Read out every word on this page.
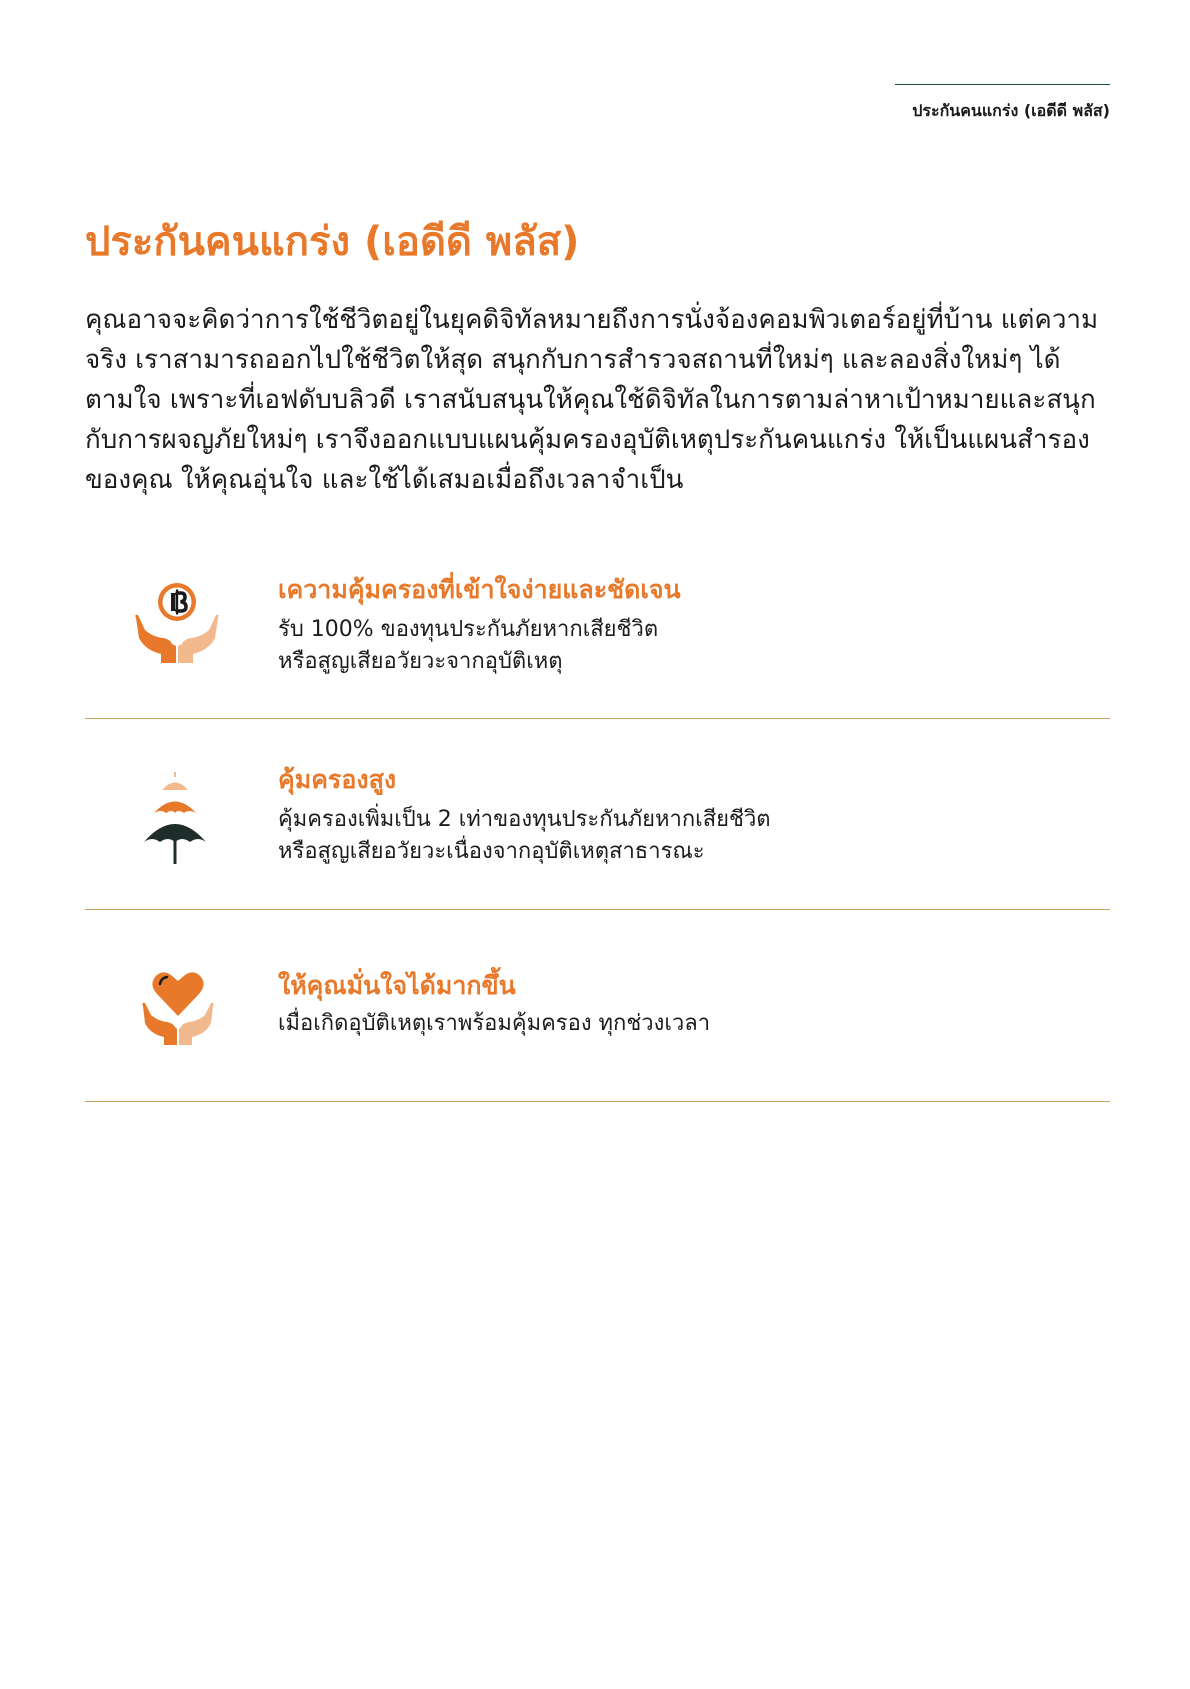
ประกันคนแกร่ง (เอดีดี พลัส)
ประกันคนแกร่ง (เอดีดี พลัส)

คุณอาจจะคิดว่าการใช้ชีวิตอยู่ในยุคดิจิทัลหมายถึงการนั่งจ้องคอมพิวเตอร์อยู่ที่บ้าน แต่ความจริง เราสามารถออกไปใช้ชีวิตให้สุด สนุกกับการสำรวจสถานที่ใหม่ๆ และลองสิ่งใหม่ๆ ได้ตามใจ เพราะที่เอฟดับบลิวดี เราสนับสนุนให้คุณใช้ดิจิทัลในการตามล่าหาเป้าหมายและสนุกกับการผจญภัยใหม่ๆ เราจึงออกแบบแผนคุ้มครองอุบัติเหตุประกันคนแกร่ง ให้เป็นแผนสำรองของคุณ ให้คุณอุ่นใจ และใช้ได้เสมอเมื่อถึงเวลาจำเป็น

เความคุ้มครองที่เข้าใจง่ายและชัดเจน

รับ 100% ของทุนประกันภัยหากเสียชีวิต

หรือสูญเสียอวัยวะจากอุบัติเหตุ

คุ้มครองสูง

คุ้มครองเพิ่มเป็น 2 เท่าของทุนประกันภัยหากเสียชีวิต

หรือสูญเสียอวัยวะเนื่องจากอุบัติเหตุสาธารณะ

ให้คุณมั่นใจได้มากขึ้น

เมื่อเกิดอุบัติเหตุเราพร้อมคุ้มครอง ทุกช่วงเวลา
